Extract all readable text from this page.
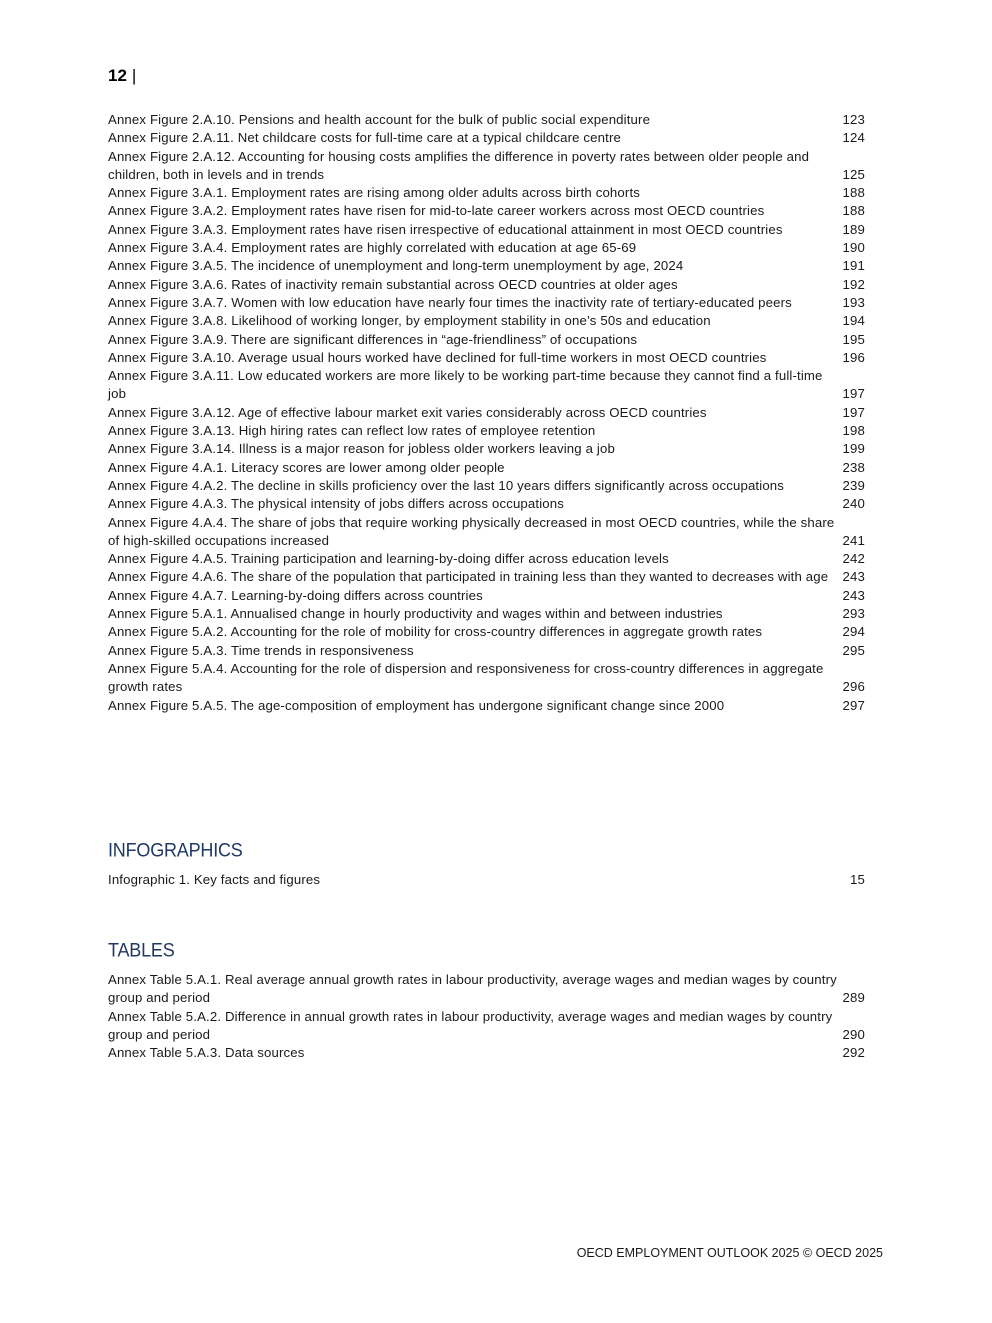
12 |
Annex Figure 2.A.10. Pensions and health account for the bulk of public social expenditure	123
Annex Figure 2.A.11. Net childcare costs for full-time care at a typical childcare centre	124
Annex Figure 2.A.12. Accounting for housing costs amplifies the difference in poverty rates between older people and children, both in levels and in trends	125
Annex Figure 3.A.1. Employment rates are rising among older adults across birth cohorts	188
Annex Figure 3.A.2. Employment rates have risen for mid-to-late career workers across most OECD countries	188
Annex Figure 3.A.3. Employment rates have risen irrespective of educational attainment in most OECD countries	189
Annex Figure 3.A.4. Employment rates are highly correlated with education at age 65-69	190
Annex Figure 3.A.5. The incidence of unemployment and long-term unemployment by age, 2024	191
Annex Figure 3.A.6. Rates of inactivity remain substantial across OECD countries at older ages	192
Annex Figure 3.A.7. Women with low education have nearly four times the inactivity rate of tertiary-educated peers	193
Annex Figure 3.A.8. Likelihood of working longer, by employment stability in one’s 50s and education	194
Annex Figure 3.A.9. There are significant differences in “age-friendliness” of occupations	195
Annex Figure 3.A.10. Average usual hours worked have declined for full-time workers in most OECD countries	196
Annex Figure 3.A.11. Low educated workers are more likely to be working part-time because they cannot find a full-time job	197
Annex Figure 3.A.12. Age of effective labour market exit varies considerably across OECD countries	197
Annex Figure 3.A.13. High hiring rates can reflect low rates of employee retention	198
Annex Figure 3.A.14. Illness is a major reason for jobless older workers leaving a job	199
Annex Figure 4.A.1. Literacy scores are lower among older people	238
Annex Figure 4.A.2. The decline in skills proficiency over the last 10 years differs significantly across occupations	239
Annex Figure 4.A.3. The physical intensity of jobs differs across occupations	240
Annex Figure 4.A.4. The share of jobs that require working physically decreased in most OECD countries, while the share of high-skilled occupations increased	241
Annex Figure 4.A.5. Training participation and learning-by-doing differ across education levels	242
Annex Figure 4.A.6. The share of the population that participated in training less than they wanted to decreases with age 243
Annex Figure 4.A.7. Learning-by-doing differs across countries	243
Annex Figure 5.A.1. Annualised change in hourly productivity and wages within and between industries	293
Annex Figure 5.A.2. Accounting for the role of mobility for cross-country differences in aggregate growth rates	294
Annex Figure 5.A.3. Time trends in responsiveness	295
Annex Figure 5.A.4. Accounting for the role of dispersion and responsiveness for cross-country differences in aggregate growth rates	296
Annex Figure 5.A.5. The age-composition of employment has undergone significant change since 2000	297
INFOGRAPHICS
Infographic 1. Key facts and figures	15
TABLES
Annex Table 5.A.1. Real average annual growth rates in labour productivity, average wages and median wages by country group and period	289
Annex Table 5.A.2. Difference in annual growth rates in labour productivity, average wages and median wages by country group and period	290
Annex Table 5.A.3. Data sources	292
OECD EMPLOYMENT OUTLOOK 2025 © OECD 2025
